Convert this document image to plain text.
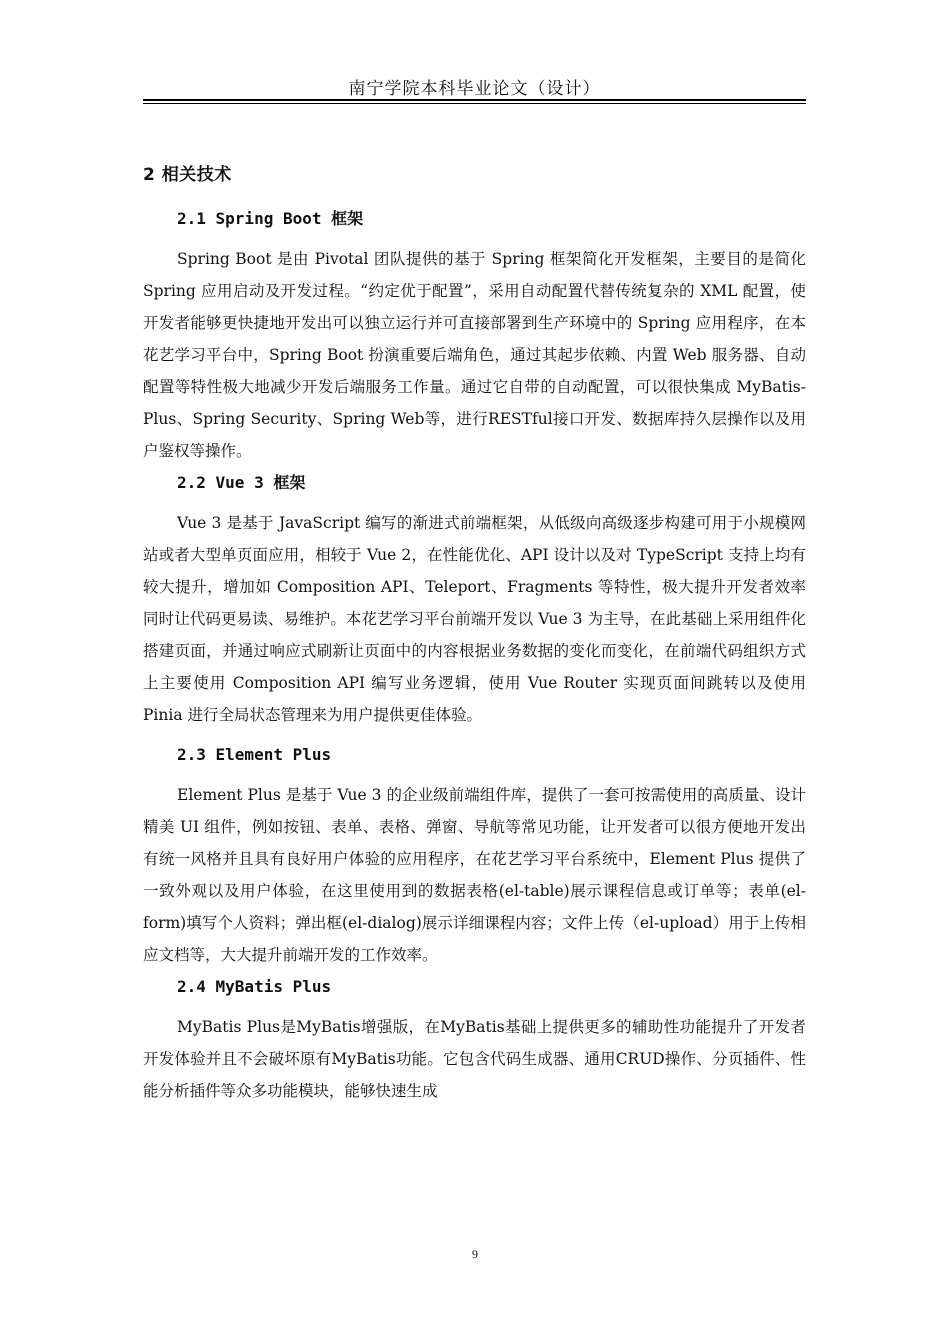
南宁学院本科毕业论文（设计）
2 相关技术
2.1 Spring Boot 框架

Spring Boot 是由 Pivotal 团队提供的基于 Spring 框架简化开发框架，主要目的是简化 Spring 应用启动及开发过程。“约定优于配置”，采用自动配置代替传统复杂的 XML 配置，使开发者能够更快捷地开发出可以独立运行并可直接部署到生产环境中的 Spring 应用程序，在本花艺学习平台中，Spring Boot 扮演重要后端角色，通过其起步依赖、内置 Web 服务器、自动配置等特性极大地减少开发后端服务工作量。通过它自带的自动配置，可以很快集成 MyBatis-Plus、Spring Security、Spring Web等，进行RESTful接口开发、数据库持久层操作以及用户鉴权等操作。

2.2 Vue 3 框架

Vue 3 是基于 JavaScript 编写的渐进式前端框架，从低级向高级逐步构建可用于小规模网站或者大型单页面应用，相较于 Vue 2，在性能优化、API 设计以及对 TypeScript 支持上均有较大提升，增加如 Composition API、Teleport、Fragments 等特性，极大提升开发者效率同时让代码更易读、易维护。本花艺学习平台前端开发以 Vue 3 为主导，在此基础上采用组件化搭建页面，并通过响应式刷新让页面中的内容根据业务数据的变化而变化，在前端代码组织方式上主要使用 Composition API 编写业务逻辑，使用 Vue Router 实现页面间跳转以及使用 Pinia 进行全局状态管理来为用户提供更佳体验。

2.3 Element Plus

Element Plus 是基于 Vue 3 的企业级前端组件库，提供了一套可按需使用的高质量、设计精美 UI 组件，例如按钮、表单、表格、弹窗、导航等常见功能，让开发者可以很方便地开发出有统一风格并且具有良好用户体验的应用程序，在花艺学习平台系统中，Element Plus 提供了一致外观以及用户体验，在这里使用到的数据表格(el-table)展示课程信息或订单等；表单(el-form)填写个人资料；弹出框(el-dialog)展示详细课程内容；文件上传（el-upload）用于上传相应文档等，大大提升前端开发的工作效率。

2.4 MyBatis Plus

MyBatis Plus是MyBatis增强版，在MyBatis基础上提供更多的辅助性功能提升了开发者开发体验并且不会破坏原有MyBatis功能。它包含代码生成器、通用CRUD操作、分页插件、性能分析插件等众多功能模块，能够快速生成

9
